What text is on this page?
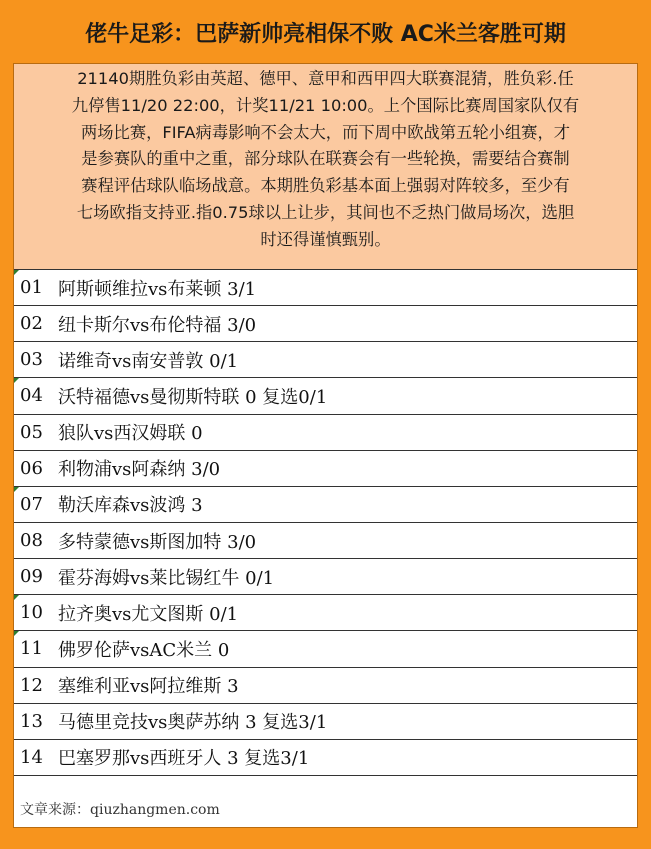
佬牛足彩：巴萨新帅亮相保不败 AC米兰客胜可期
21140期胜负彩由英超、德甲、意甲和西甲四大联赛混猜，胜负彩.任
九停售11/20 22:00，计奖11/21 10:00。上个国际比赛周国家队仅有
两场比赛，FIFA病毒影响不会太大，而下周中欧战第五轮小组赛，才
是参赛队的重中之重，部分球队在联赛会有一些轮换，需要结合赛制
赛程评估球队临场战意。本期胜负彩基本面上强弱对阵较多，至少有
七场欧指支持亚.指0.75球以上让步，其间也不乏热门做局场次，选胆
时还得谨慎甄别。
01 阿斯顿维拉vs布莱顿 3/1
02 纽卡斯尔vs布伦特福 3/0
03 诺维奇vs南安普敦 0/1
04 沃特福德vs曼彻斯特联 0 复选0/1
05 狼队vs西汉姆联 0
06 利物浦vs阿森纳 3/0
07 勒沃库森vs波鸿 3
08 多特蒙德vs斯图加特 3/0
09 霍芬海姆vs莱比锡红牛 0/1
10 拉齐奥vs尤文图斯 0/1
11 佛罗伦萨vsAC米兰 0
12 塞维利亚vs阿拉维斯 3
13 马德里竞技vs奥萨苏纳 3 复选3/1
14 巴塞罗那vs西班牙人 3 复选3/1
文章来源：qiuzhangmen.com
